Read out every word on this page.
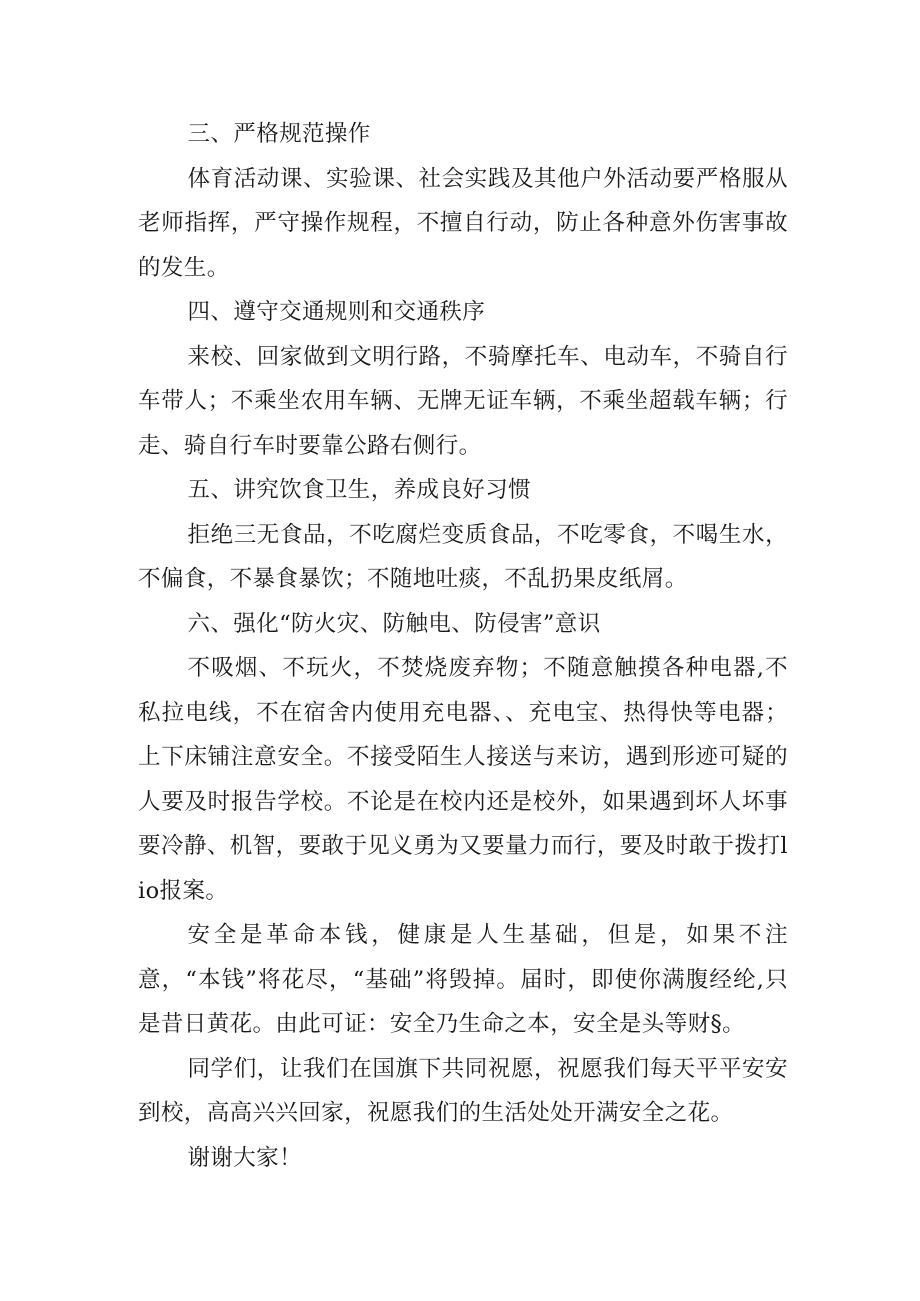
三、严格规范操作

体育活动课、实验课、社会实践及其他户外活动要严格服从老师指挥，严守操作规程，不擅自行动，防止各种意外伤害事故的发生。

四、遵守交通规则和交通秩序

来校、回家做到文明行路，不骑摩托车、电动车，不骑自行车带人；不乘坐农用车辆、无牌无证车辆，不乘坐超载车辆；行走、骑自行车时要靠公路右侧行。

五、讲究饮食卫生，养成良好习惯

拒绝三无食品，不吃腐烂变质食品，不吃零食，不喝生水，不偏食，不暴食暴饮；不随地吐痰，不乱扔果皮纸屑。

六、强化“防火灾、防触电、防侵害”意识

不吸烟、不玩火，不焚烧废弃物；不随意触摸各种电器,不私拉电线，不在宿舍内使用充电器、、充电宝、热得快等电器；上下床铺注意安全。不接受陌生人接送与来访，遇到形迹可疑的人要及时报告学校。不论是在校内还是校外，如果遇到坏人坏事要冷静、机智，要敢于见义勇为又要量力而行，要及时敢于拨打lio报案。

安全是革命本钱，健康是人生基础，但是，如果不注意，“本钱”将花尽，“基础”将毁掉。届时，即使你满腹经纶,只是昔日黄花。由此可证：安全乃生命之本，安全是头等财§。

同学们，让我们在国旗下共同祝愿，祝愿我们每天平平安安到校，高高兴兴回家，祝愿我们的生活处处开满安全之花。

谢谢大家！
